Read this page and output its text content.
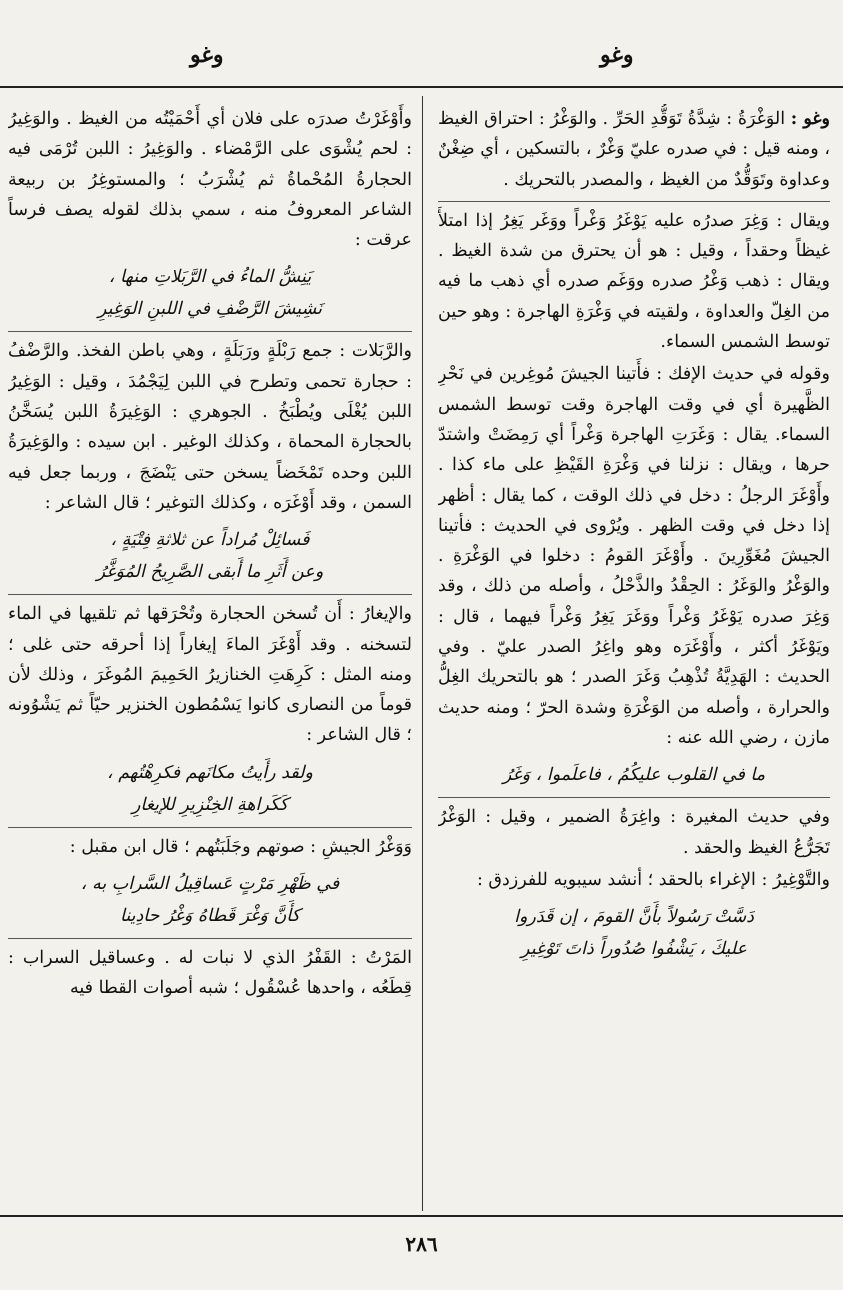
وغو
وغو

وغو : الوَغْرَةُ : شِدَّةُ تَوَقُّدِ الحَرِّ . والوَغْرُ : احتراق الغيظ ، ومنه قيل : في صدره عليّ وَغْرٌ ، بالتسكين ، أي ضِغْنٌ وعداوة وتَوَقُّدٌ من الغيظ ، والمصدر بالتحريك .

ويقال : وَغِرَ صدرُه عليه يَوْغَرُ وَغْراً ووَغَر يَغِرُ إذا امتلأَ غيظاً وحقداً ، وقيل : هو أن يحترق من شدة الغيظ . ويقال : ذهب وَغْرُ صدره ووَغَم صدره أي ذهب ما فيه من الغِلّ والعداوة ، ولقيته في وَغْرَةِ الهاجرة : وهو حين توسط الشمس السماء.

وقوله في حديث الإفك : فأَتينا الجيشَ مُوغِرين في نَحْرِ الظَّهيرة أي في وقت الهاجرة وقت توسط الشمس السماء. يقال : وَغَرَتِ الهاجرة وَغْراً أي رَمِضَتْ واشتدّ حرها ، ويقال : نزلنا في وَغْرَةِ القَيْظِ على ماء كذا . وأَوْغَرَ الرجلُ : دخل في ذلك الوقت ، كما يقال : أظهر إذا دخل في وقت الظهر . ويُرْوى في الحديث : فأتينا الجيشَ مُغَوِّرِينَ . وأَوْغَرَ القومُ : دخلوا في الوَغْرَةِ . والوَغْرُ والوَغَرُ : الحِقْدُ والذَّحْلُ ، وأصله من ذلك ، وقد وَغِرَ صدره يَوْغَرُ وَغْراً ووَغَرَ يَغِرُ وَغْراً فيهما ، قال : ويَوْغَرُ أكثر ، وأَوْغَرَه وهو واغِرُ الصدر عليّ . وفي الحديث : الهَدِيَّةُ تُذْهِبُ وَغَرَ الصدر ؛ هو بالتحريك الغِلُّ والحرارة ، وأصله من الوَغْرَةِ وشدة الحرّ ؛ ومنه حديث مازن ، رضي الله عنه :

ما في القلوب عليكُمُ ، فاعلَموا ، وَغَرُ

وفي حديث المغيرة : واغِرَةُ الضمير ، وقيل : الوَغْرُ تَجَرُّعُ الغيظ والحقد .

والتَّوْغِيرُ : الإغراء بالحقد ؛ أنشد سيبويه للفرزدق :

دَسَّتْ رَسُولاً بأَنَّ القومَ ، إن قَدَروا
عليكَ ، يَشْفُوا صُدُوراً ذاتَ تَوْغِيرِ

وأَوْغَرْتُ صدرَه على فلان أي أَحْمَيْتُه من الغيظ . والوَغِيرُ : لحم يُشْوَى على الرَّمْضاء . والوَغِيرُ : اللبن تُرْمَى فيه الحجارةُ المُحْماةُ ثم يُشْرَبُ ؛ والمستوغِرُ بن ربيعة الشاعر المعروفُ منه ، سمي بذلك لقوله يصف فرساً عرقت :

يَنِشُّ الماءُ في الرَّبَلاتِ منها ،
نَشِيشَ الرَّضْفِ في اللبنِ الوَغِيرِ

والرَّبَلات : جمع رَبْلَةٍ ورَبَلَةٍ ، وهي باطن الفخذ. والرَّضْفُ : حجارة تحمى وتطرح في اللبن لِيَجْمُدَ ، وقيل : الوَغِيرُ اللبن يُغْلَى ويُطْبَخُ . الجوهري : الوَغِيرَةُ اللبن يُسَخَّنُ بالحجارة المحماة ، وكذلك الوغير . ابن سيده : والوَغِيرَةُ اللبن وحده تَمْخَضاً يسخن حتى يَنْضَجَ ، وربما جعل فيه السمن ، وقد أَوْغَرَه ، وكذلك التوغير ؛ قال الشاعر :

فَسائِلْ مُراداً عن ثلاثةِ فِتْيَةٍ ،
وعن أَثَرِ ما أَبقى الصَّرِيحُ المُوَغَّرُ

والإيغارُ : أَن تُسخن الحجارة وتُحْرَقها ثم تلقيها في الماء لتسخنه . وقد أَوْغَرَ الماءَ إيغاراً إذا أحرقه حتى غلى ؛ ومنه المثل : كَرِهَتِ الخنازيرُ الحَمِيمَ المُوغَرَ ، وذلك لأن قوماً من النصارى كانوا يَسْمُطون الخنزير حيّاً ثم يَشْوُونه ؛ قال الشاعر :

ولقد رأَيتُ مكانَهم فكرِهْتُهم ،
كَكَراهةِ الخِنْزِيرِ للإيغارِ

وَوَغْرُ الجيشِ : صوتهم وجَلَبَتُهم ؛ قال ابن مقبل :

في ظَهْرِ مَرْتٍ عَساقِيلُ السَّرابِ به ،
كأَنَّ وَغْرَ قَطاهُ وَغْرُ حادِينا

المَرْتُ : القَفْرُ الذي لا نبات له . وعساقيل السراب : قِطَعُه ، واحدها عُسْقُول ؛ شبه أصوات القطا فيه

٢٨٦
